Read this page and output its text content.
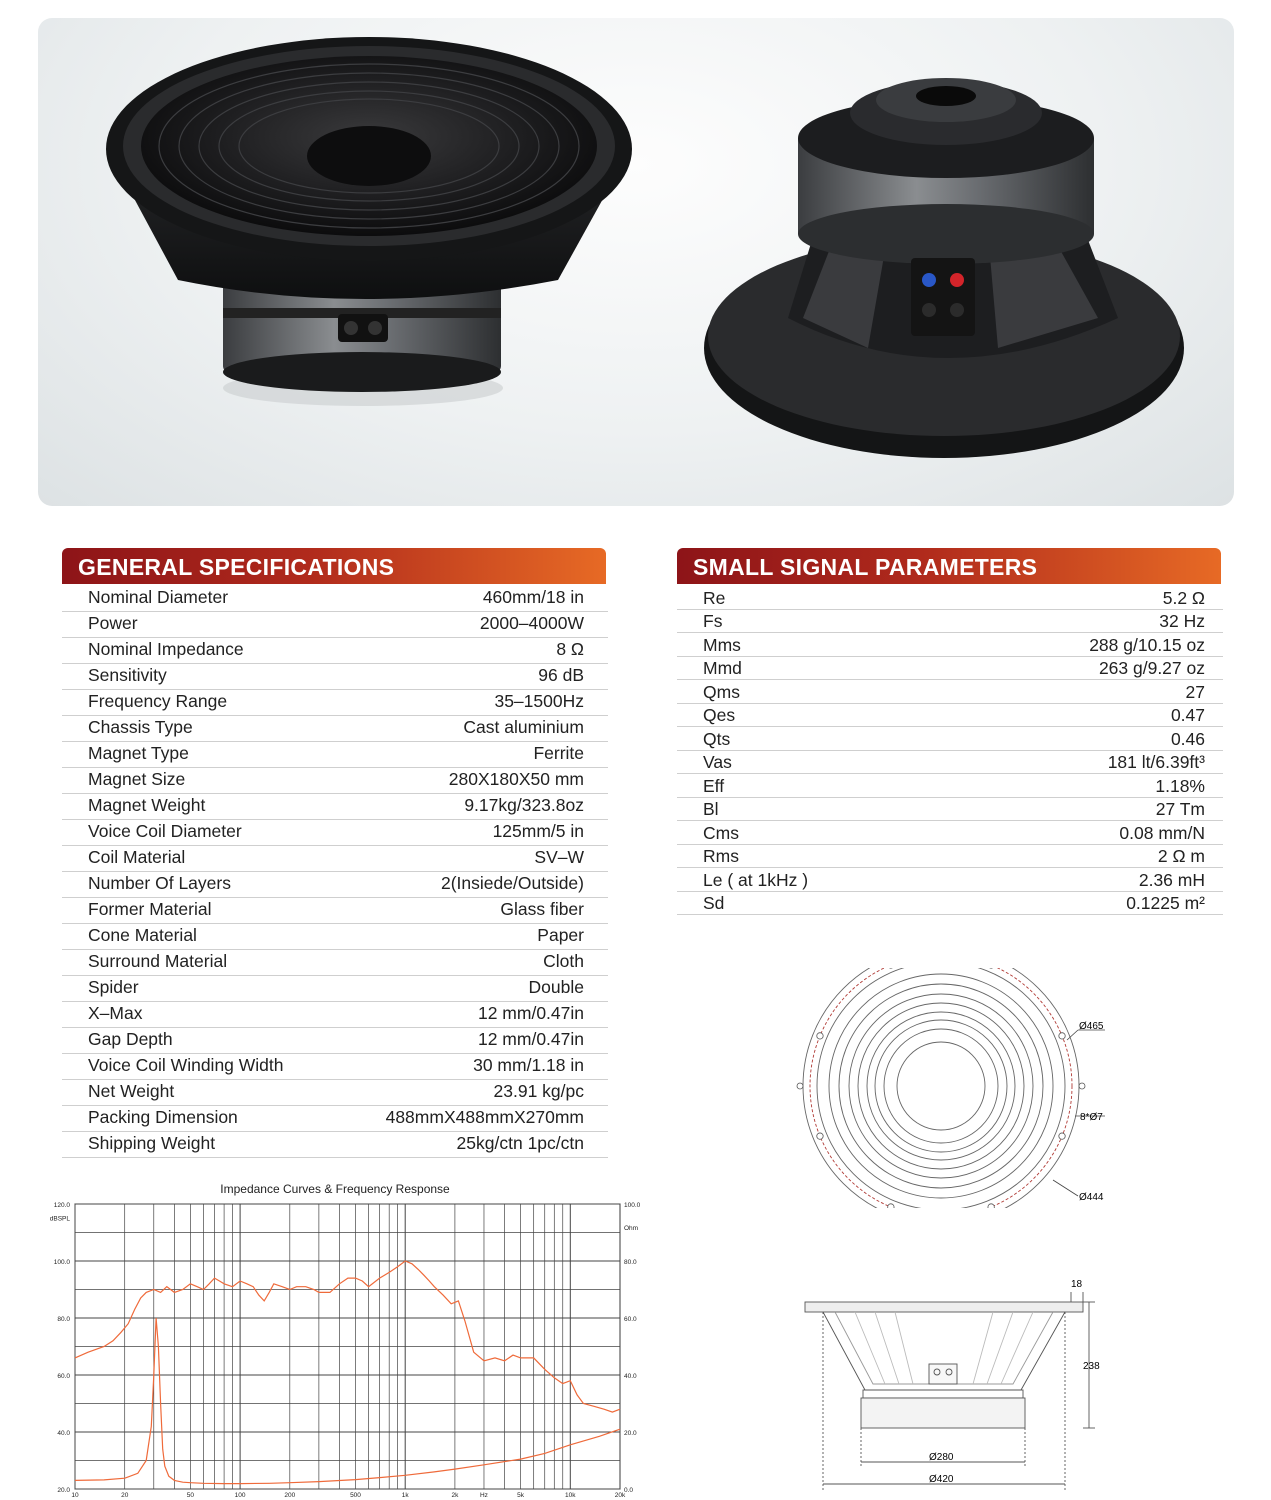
GENERAL SPECIFICATIONS
Nominal Diameter	460mm/18 in
Power	2000–4000W
Nominal Impedance	8 Ω
Sensitivity	96 dB
Frequency Range	35–1500Hz
Chassis Type	Cast aluminium
Magnet Type	Ferrite
Magnet Size	280X180X50 mm
Magnet Weight	9.17kg/323.8oz
Voice Coil Diameter	125mm/5 in
Coil Material	SV–W
Number Of Layers	2(Insiede/Outside)
Former Material	Glass fiber
Cone Material	Paper
Surround Material	Cloth
Spider	Double
X–Max	12 mm/0.47in
Gap Depth	12 mm/0.47in
Voice Coil Winding Width	30 mm/1.18 in
Net Weight	23.91 kg/pc
Packing Dimension	488mmX488mmX270mm
Shipping Weight	25kg/ctn 1pc/ctn
SMALL SIGNAL PARAMETERS
Re	5.2 Ω
Fs	32 Hz
Mms	288 g/10.15 oz
Mmd	263 g/9.27 oz
Qms	27
Qes	0.47
Qts	0.46
Vas	181 lt/6.39ft³
Eff	1.18%
Bl	27 Tm
Cms	0.08 mm/N
Rms	2 Ω m
Le ( at 1kHz )	2.36 mH
Sd	0.1225 m²
Impedance Curves & Frequency Response
20.0
40.0
60.0
80.0
100.0
120.0
0.0
20.0
40.0
60.0
80.0
100.0
dBSPL
Ohm
10	20	50	100	200	500	1k	2k	5k	10k	20k
Hz
Ø465
8*Ø7
Ø444
18
238
Ø280
Ø420
